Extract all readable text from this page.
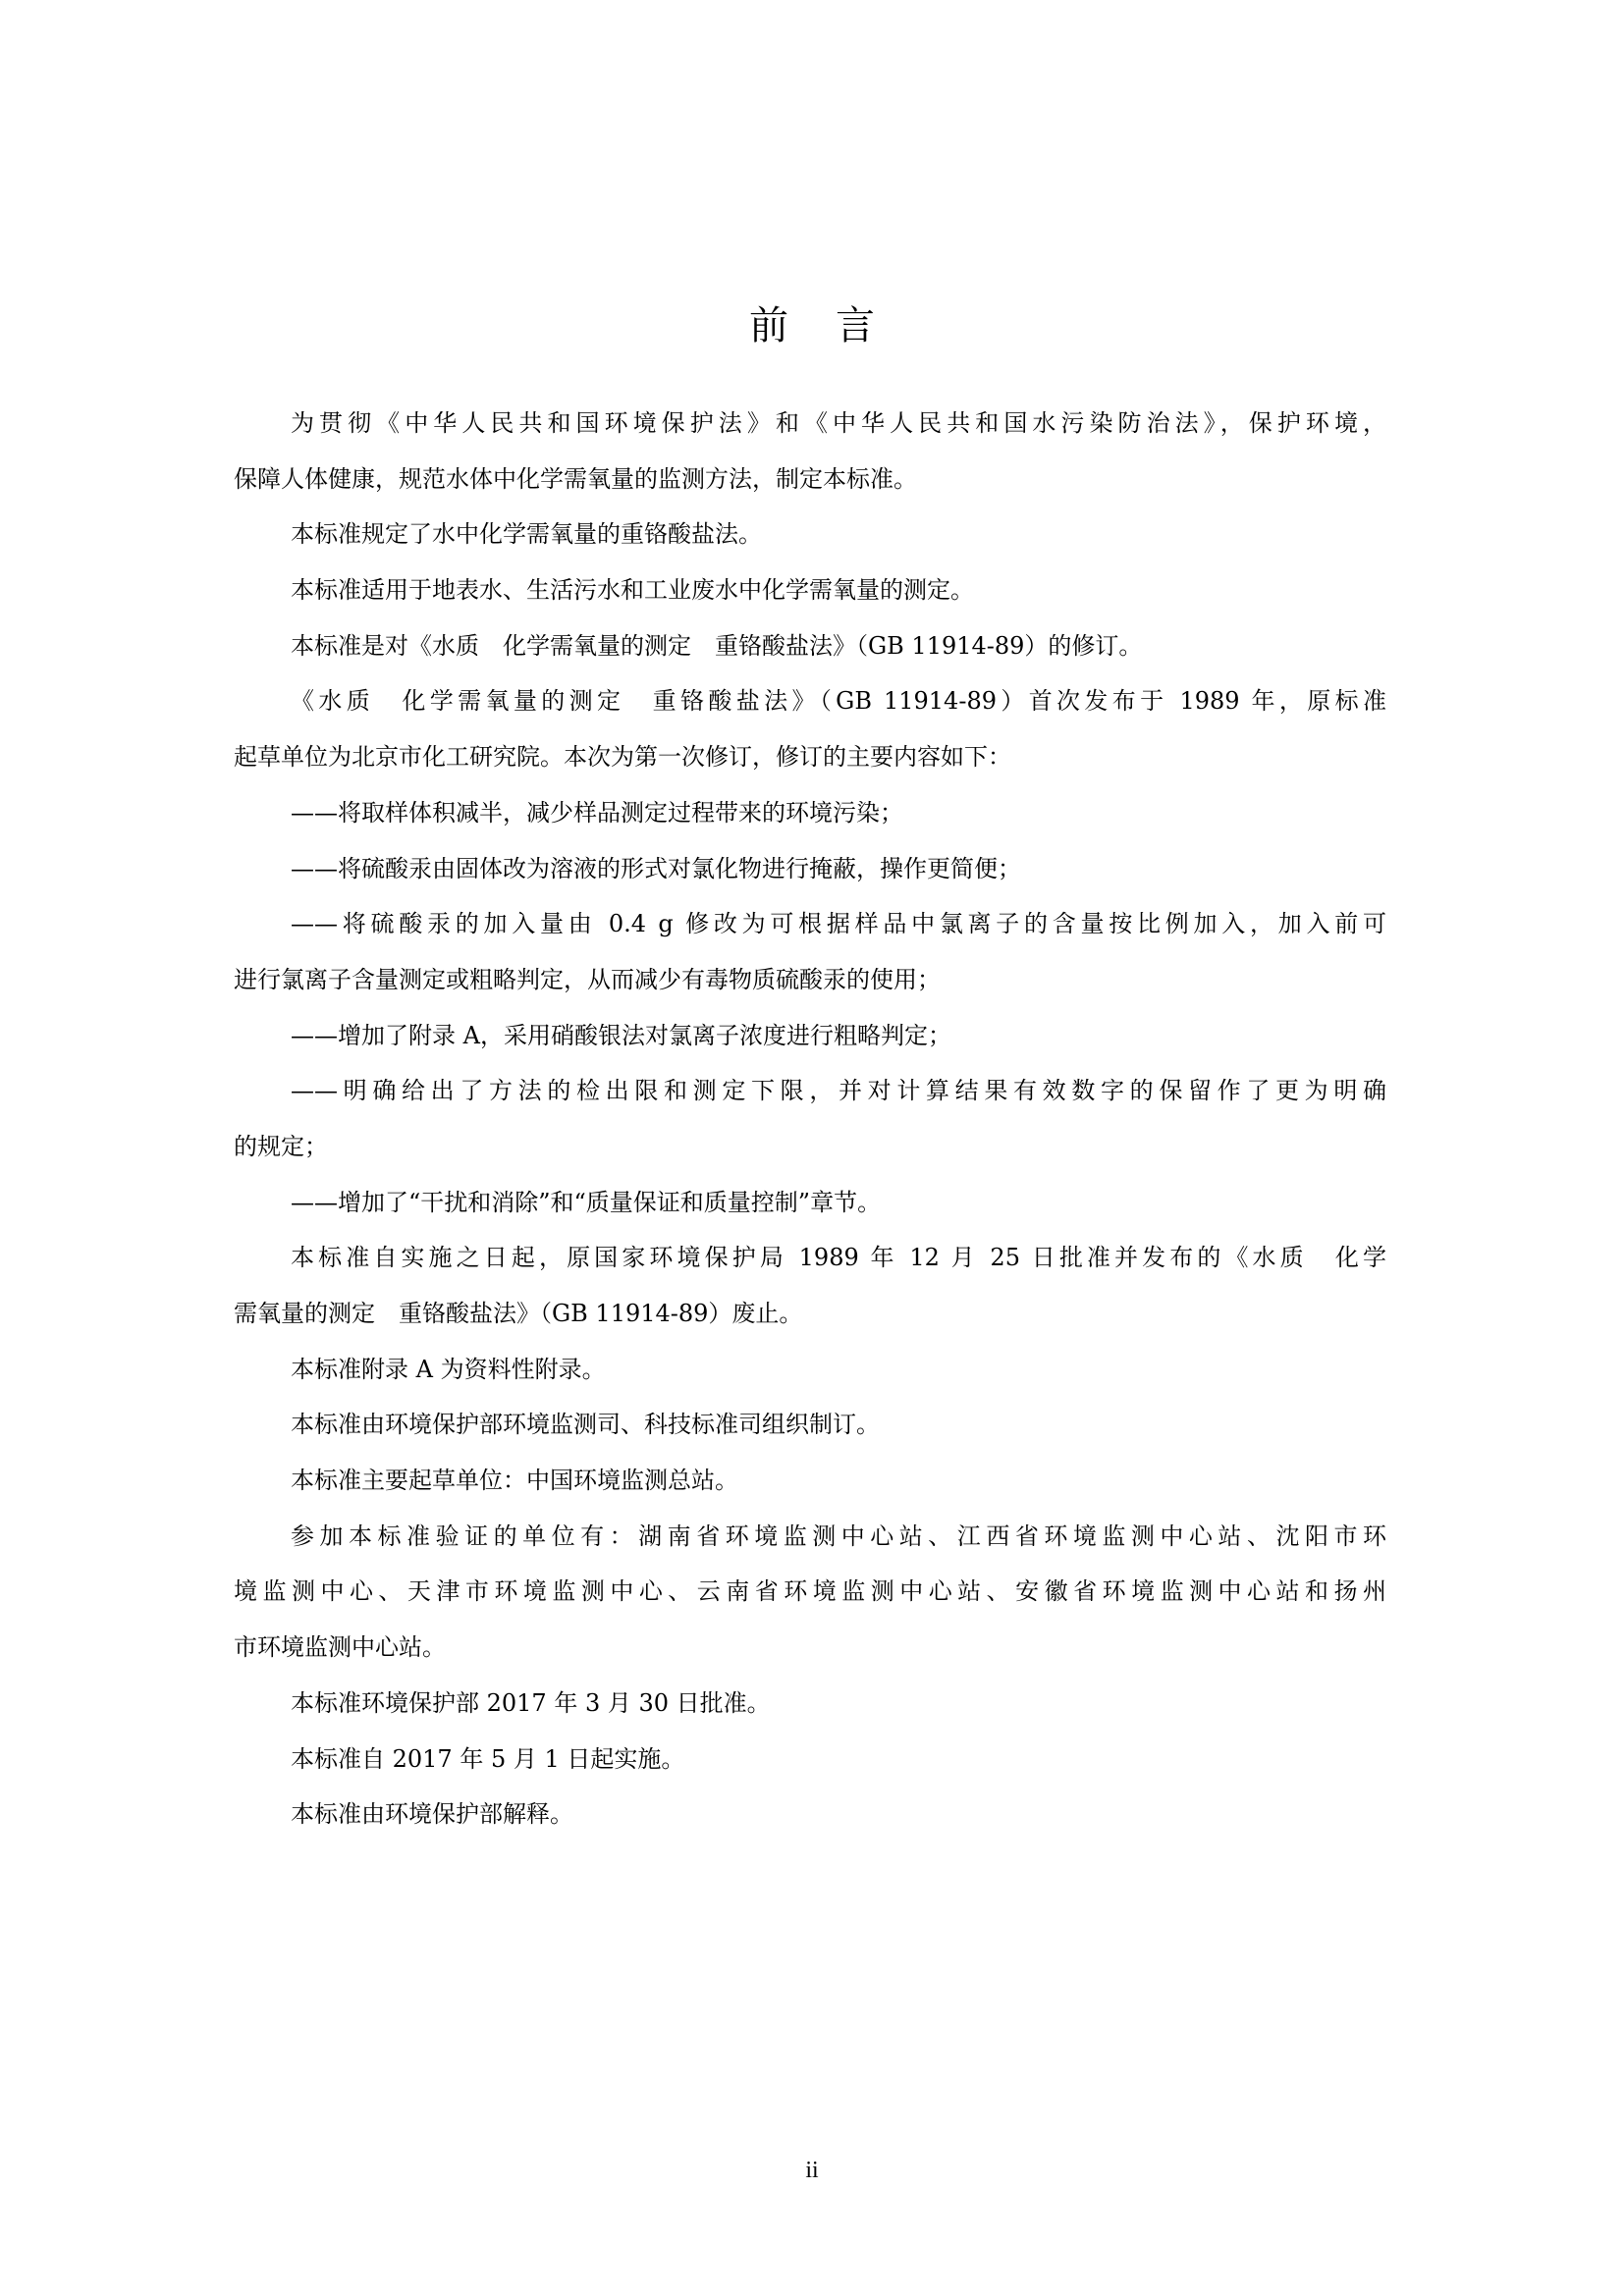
前 言
为贯彻《中华人民共和国环境保护法》和《中华人民共和国水污染防治法》，保护环境，
保障人体健康，规范水体中化学需氧量的监测方法，制定本标准。
本标准规定了水中化学需氧量的重铬酸盐法。
本标准适用于地表水、生活污水和工业废水中化学需氧量的测定。
本标准是对《水质　化学需氧量的测定　重铬酸盐法》（GB 11914-89）的修订。
《水质　化学需氧量的测定　重铬酸盐法》（GB 11914-89）首次发布于 1989 年，原标准
起草单位为北京市化工研究院。本次为第一次修订，修订的主要内容如下：
——将取样体积减半，减少样品测定过程带来的环境污染；
——将硫酸汞由固体改为溶液的形式对氯化物进行掩蔽，操作更简便；
——将硫酸汞的加入量由 0.4 g 修改为可根据样品中氯离子的含量按比例加入，加入前可
进行氯离子含量测定或粗略判定，从而减少有毒物质硫酸汞的使用；
——增加了附录 A，采用硝酸银法对氯离子浓度进行粗略判定；
——明确给出了方法的检出限和测定下限，并对计算结果有效数字的保留作了更为明确
的规定；
——增加了“干扰和消除”和“质量保证和质量控制”章节。
本标准自实施之日起，原国家环境保护局 1989 年 12 月 25 日批准并发布的《水质　化学
需氧量的测定　重铬酸盐法》（GB 11914-89）废止。
本标准附录 A 为资料性附录。
本标准由环境保护部环境监测司、科技标准司组织制订。
本标准主要起草单位：中国环境监测总站。
参加本标准验证的单位有：湖南省环境监测中心站、江西省环境监测中心站、沈阳市环
境监测中心、天津市环境监测中心、云南省环境监测中心站、安徽省环境监测中心站和扬州
市环境监测中心站。
本标准环境保护部 2017 年 3 月 30 日批准。
本标准自 2017 年 5 月 1 日起实施。
本标准由环境保护部解释。
ii
